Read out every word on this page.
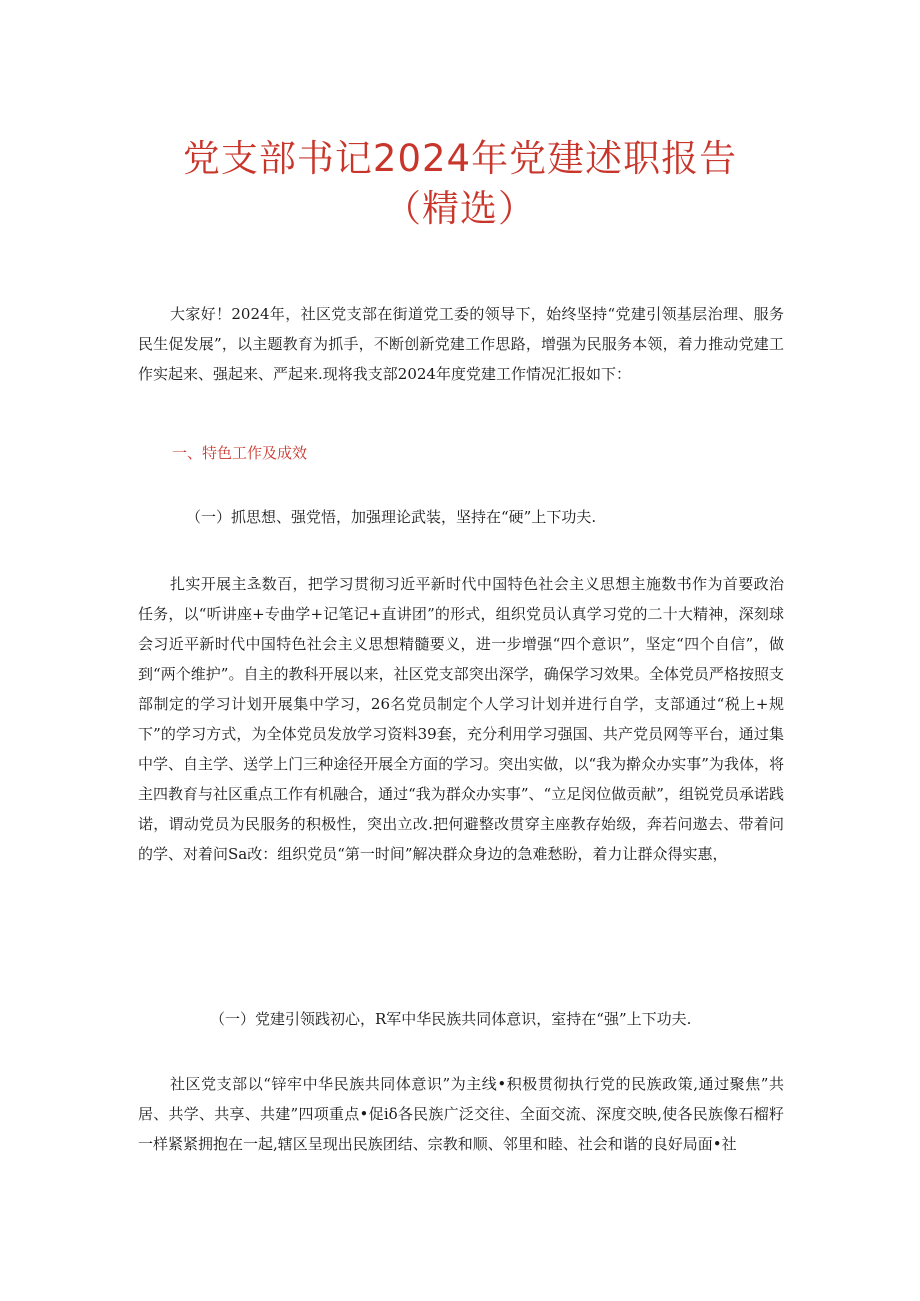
党支部书记2024年党建述职报告
（精选）

大家好！2024年，社区党支部在街道党工委的领导下，始终坚持“党建引领基层治理、服务民生促发展”，以主题教育为抓手，不断创新党建工作思路，增强为民服务本领，着力推动党建工作实起来、强起来、严起来.现将我支部2024年度党建工作情况汇报如下：

一、特色工作及成效

（一）抓思想、强党悟，加强理论武装，坚持在“硬”上下功夫.

扎实开展主쵸数百，把学习贯彻习近平新时代中国特色社会主义思想主施数书作为首要政治任务，以“听讲座+专曲学+记笔记+直讲团”的形式，组织党员认真学习党的二十大精神，深刻球会习近平新时代中国特色社会主义思想精髓要义，进一步增强“四个意识”，坚定“四个自信”，做到“两个维护”。自主的教科开展以来，社区党支部突出深学，确保学习效果。全体党员严格按照支部制定的学习计划开展集中学习，26名党员制定个人学习计划并进行自学，支部通过“税上+规下”的学习方式，为全体党员发放学习资料39套，充分利用学习强国、共产党员网等平台，通过集中学、自主学、送学上门三种途径开展全方面的学习。突出实做，以“我为擀众办实事”为我体，将主四教育与社区重点工作有机融合，通过“我为群众办实事”、“立足闵位做贡献”，组锐党员承诺践诺，谓动党员为民服务的积极性，突出立改.把何避整改贯穿主座教存始级，奔若问遨去、带着问的学、对着问Sa改：组织党员“第一时间”解决群众身边的急难愁盼，着力让群众得实惠，

（一）党建引领践初心，R军中华民族共同体意识，室持在“强”上下功夫.

社区党支部以“锌牢中华民族共同体意识”为主线•积极贯彻执行党的民族政策,通过聚焦”共居、共学、共享、共建”四项重点•促iδ各民族广泛交往、全面交流、深度交映,使各民族像石榴籽一样紧紧拥抱在一起,辖区呈现出民族团结、宗教和顺、邻里和睦、社会和谐的良好局面•社
